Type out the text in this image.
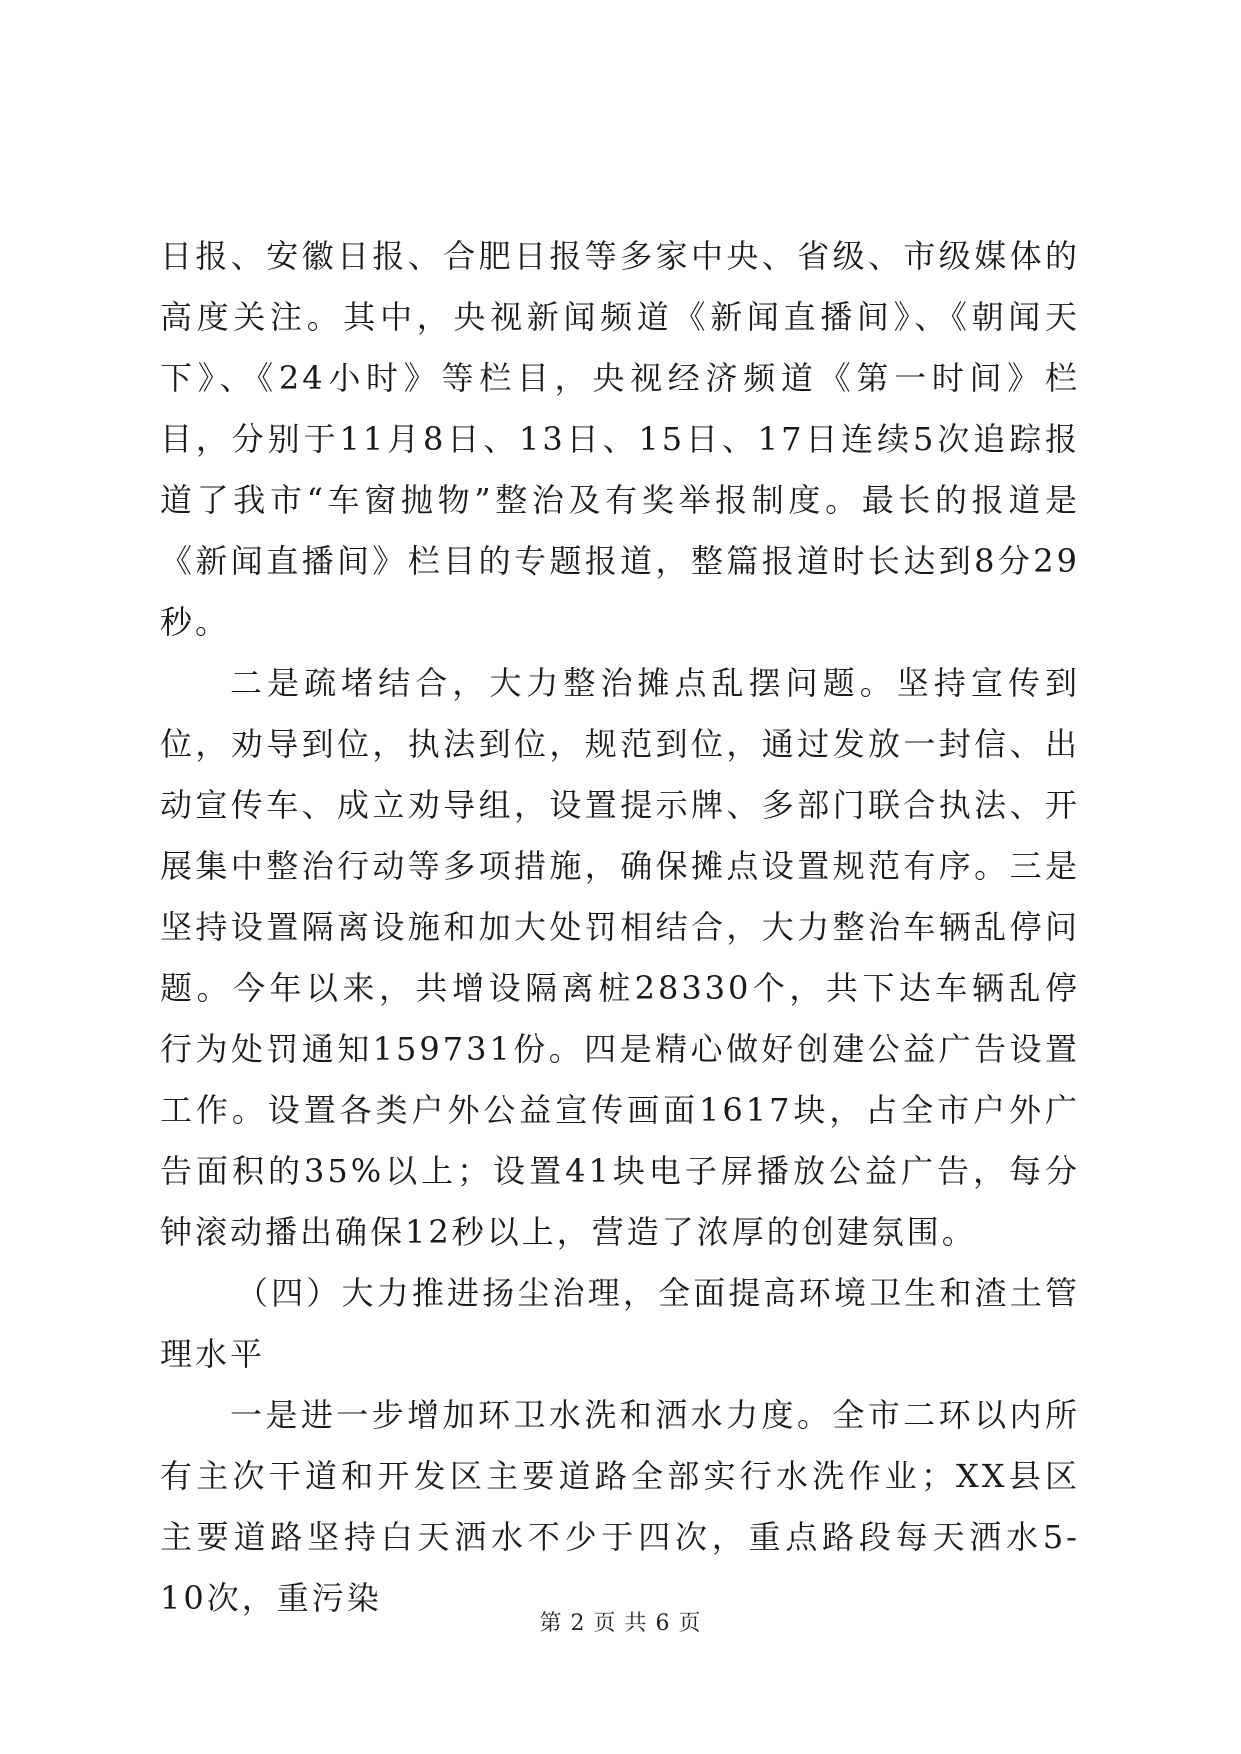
日报、安徽日报、合肥日报等多家中央、省级、市级媒体的高度关注。其中，央视新闻频道《新闻直播间》、《朝闻天下》、《24小时》等栏目，央视经济频道《第一时间》栏目，分别于11月8日、13日、15日、17日连续5次追踪报道了我市“车窗抛物”整治及有奖举报制度。最长的报道是《新闻直播间》栏目的专题报道，整篇报道时长达到8分29秒。

二是疏堵结合，大力整治摊点乱摆问题。坚持宣传到位，劝导到位，执法到位，规范到位，通过发放一封信、出动宣传车、成立劝导组，设置提示牌、多部门联合执法、开展集中整治行动等多项措施，确保摊点设置规范有序。三是坚持设置隔离设施和加大处罚相结合，大力整治车辆乱停问题。今年以来，共增设隔离桩28330个，共下达车辆乱停行为处罚通知159731份。四是精心做好创建公益广告设置工作。设置各类户外公益宣传画面1617块，占全市户外广告面积的35%以上；设置41块电子屏播放公益广告，每分钟滚动播出确保12秒以上，营造了浓厚的创建氛围。

（四）大力推进扬尘治理，全面提高环境卫生和渣土管理水平

一是进一步增加环卫水洗和洒水力度。全市二环以内所有主次干道和开发区主要道路全部实行水洗作业；XX县区主要道路坚持白天洒水不少于四次，重点路段每天洒水5-10次，重污染

第 2 页 共 6 页
